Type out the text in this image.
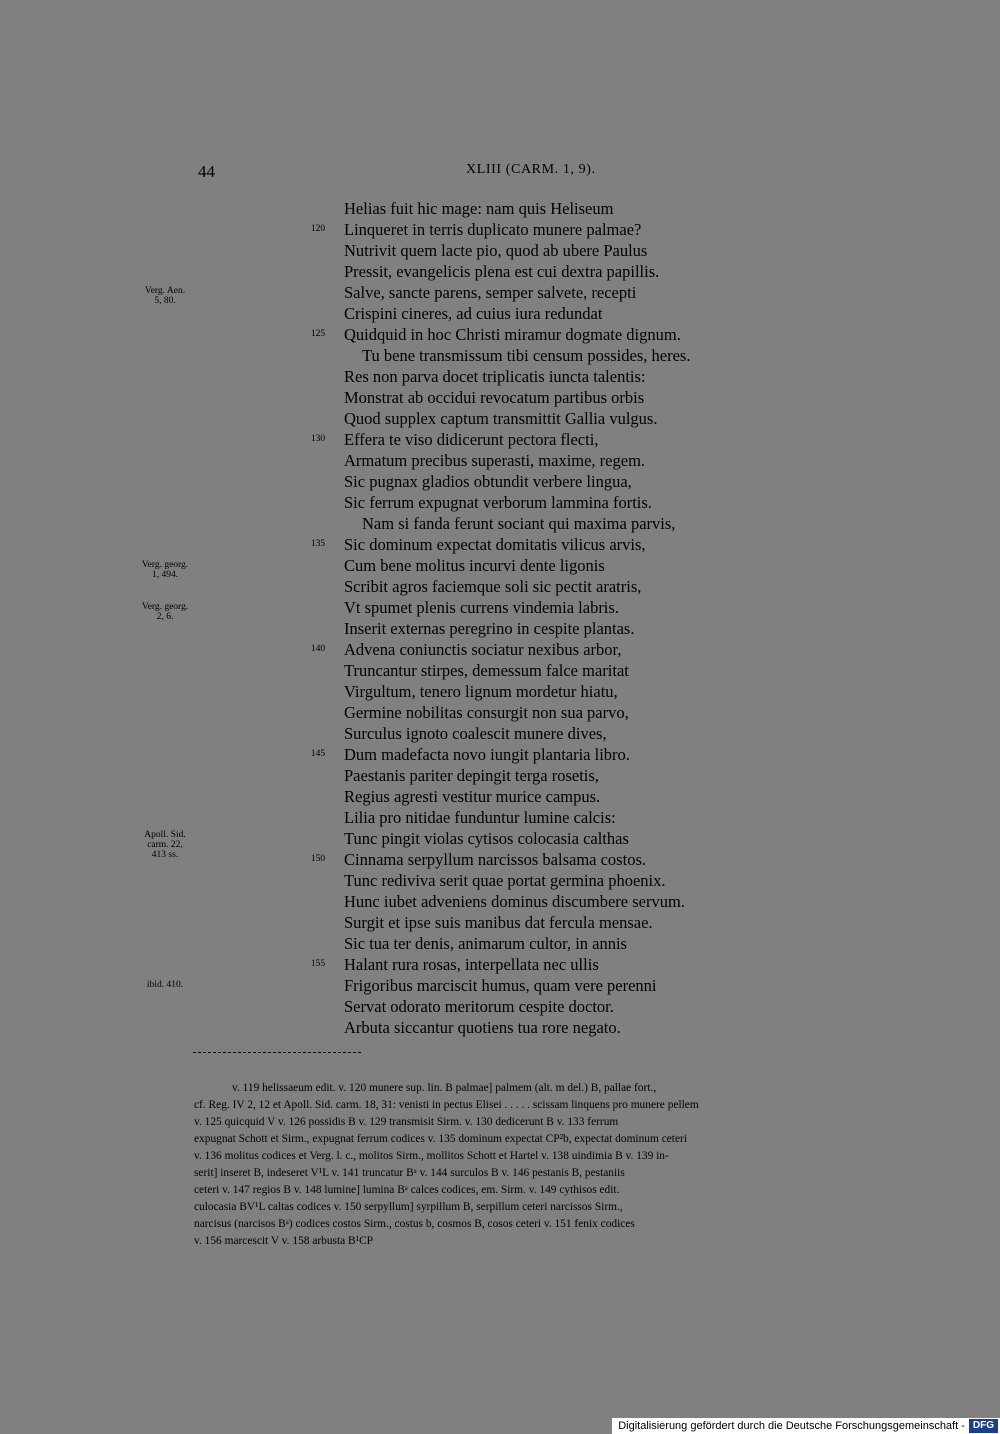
44	XLIII (CARM. 1, 9).
Helias fuit hic mage: nam quis Heliseum
120	Linqueret in terris duplicato munere palmae?
Nutrivit quem lacte pio, quod ab ubere Paulus
Pressit, evangelicis plena est cui dextra papillis.
Salve, sancte parens, semper salvete, recepti
Crispini cineres, ad cuius iura redundat
125	Quidquid in hoc Christi miramur dogmate dignum.
Tu bene transmissum tibi censum possides, heres.
Res non parva docet triplicatis iuncta talentis:
Monstrat ab occidui revocatum partibus orbis
Quod supplex captum transmittit Gallia vulgus.
130	Effera te viso didicerunt pectora flecti,
Armatum precibus superasti, maxime, regem.
Sic pugnax gladios obtundit verbere lingua,
Sic ferrum expugnat verborum lammina fortis.
Nam si fanda ferunt sociant qui maxima parvis,
135	Sic dominum expectat domitatis vilicus arvis,
Cum bene molitus incurvi dente ligonis
Scribit agros faciemque soli sic pectit aratris,
Vt spumet plenis currens vindemia labris.
Inserit externas peregrino in cespite plantas.
140	Advena coniunctis sociatur nexibus arbor,
Truncantur stirpes, demessum falce maritat
Virgultum, tenero lignum mordetur hiatu,
Germine nobilitas consurgit non sua parvo,
Surculus ignoto coalescit munere dives,
145	Dum madefacta novo iungit plantaria libro.
Paestanis pariter depingit terga rosetis,
Regius agresti vestitur murice campus.
Lilia pro nitidae funduntur lumine calcis:
Tunc pingit violas cytisos colocasia calthas
150	Cinnama serpyllum narcissos balsama costos.
Tunc rediviva serit quae portat germina phoenix.
Hunc iubet adveniens dominus discumbere servum.
Surgit et ipse suis manibus dat fercula mensae.
Sic tua ter denis, animarum cultor, in annis
155	Halant rura rosas, interpellata nec ullis
Frigoribus marciscit humus, quam vere perenni
Servat odorato meritorum cespite doctor.
Arbuta siccantur quotiens tua rore negato.
Verg. Aen.
5, 80.
Verg. georg.
1, 494.
Verg. georg.
2, 6.
Apoll. Sid.
carm. 22,
413 ss.
ibid. 410.
v. 119 helissaeum edit. v. 120 munere sup. lin. B palmae] palmem (alt. m del.) B, pallae fort.,
cf. Reg. IV 2, 12 et Apoll. Sid. carm. 18, 31: venisti in pectus Elisei . . . . . scissam linquens pro munere pellem
v. 125 quicquid V v. 126 possidis B v. 129 transmisit Sirm. v. 130 dedicerunt B v. 133 ferrum
expugnat Schott et Sirm., expugnat ferrum codices v. 135 dominum expectat CP²b, expectat dominum ceteri
v. 136 molitus codices et Verg. l. c., molitos Sirm., mollitos Schott et Hartel v. 138 uindimia B v. 139 in-
serit] inseret B, indeseret V¹L v. 141 truncatur Bᵃ v. 144 surculos B v. 146 pestanis B, pestaniis
ceteri v. 147 regios B v. 148 lumine] lumina Bᵃ calces codices, em. Sirm. v. 149 cythisos edit.
culocasia BV¹L caltas codices v. 150 serpyllum] syrpillum B, serpillum ceteri narcissos Sirm.,
narcisus (narcisos Bᵃ) codices costos Sirm., costus b, cosmos B, cosos ceteri v. 151 fenix codices
v. 156 marcescit V v. 158 arbusta B¹CP
Digitalisierung gefördert durch die Deutsche Forschungsgemeinschaft - DFG
